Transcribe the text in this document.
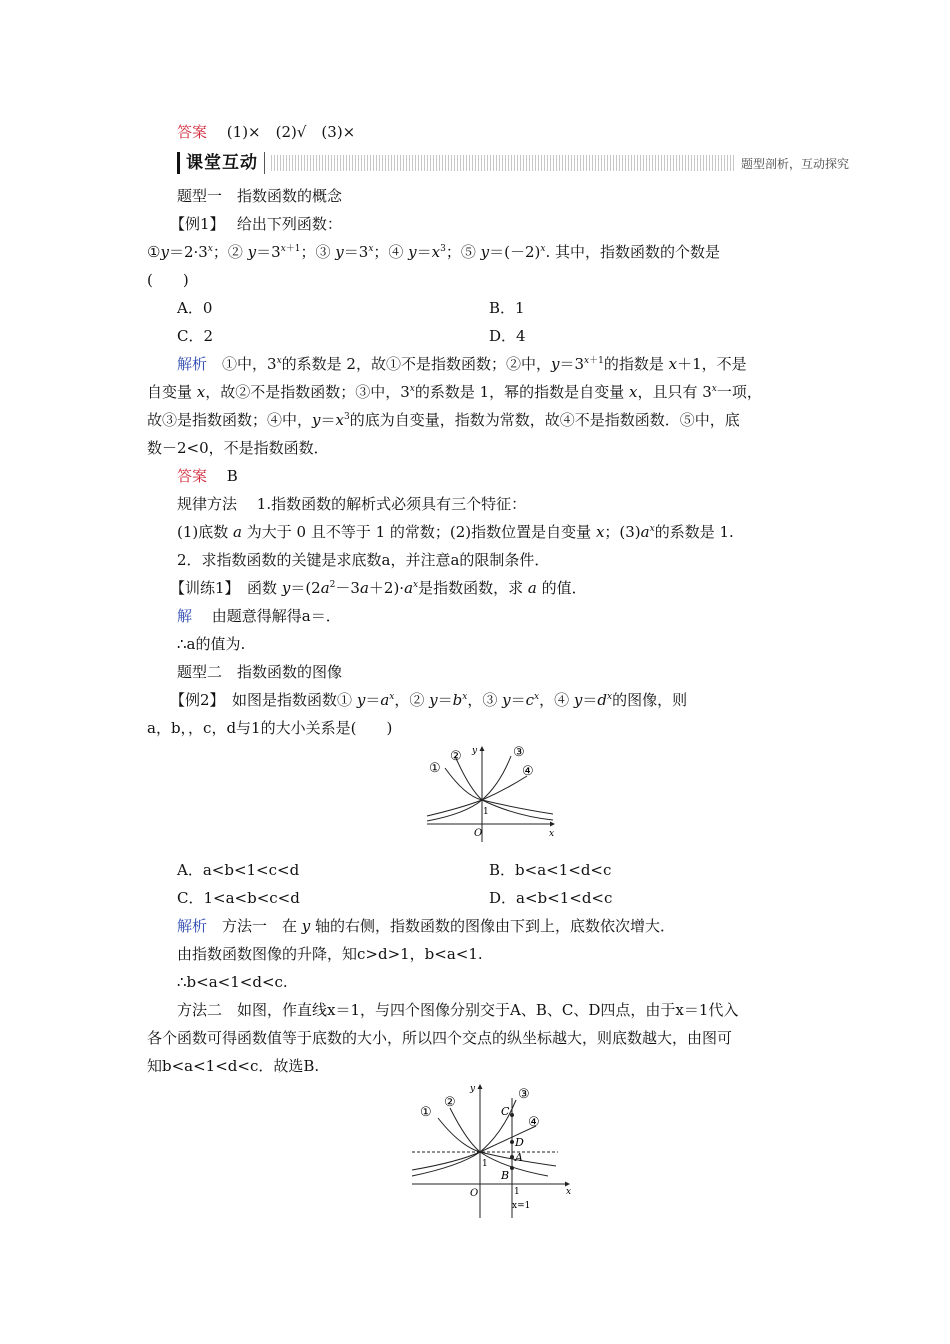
答案　 (1)×　(2)√　(3)×
课堂互动	题型剖析，互动探究
题型一　指数函数的概念
【例1】　 给出下列函数：
$①y=2\cdot 3^x$；② $y=3^{x+1}$；③ $y=3^x$；④ $y=x^3$；⑤ $y=(-2)^x$. 其中，指数函数的个数是
(　　)
A．0	B．1
C．2	D．4
解析　①中，3$^x$的系数是 2，故①不是指数函数；②中，$y=3^{x+1}$的指数是 x＋1，不是
自变量 x，故②不是指数函数；③中，3$^x$的系数是 1，幂的指数是自变量 x，且只有 3$^x$一项，
故③是指数函数；④中，$y=x^3$的底为自变量，指数为常数，故④不是指数函数．⑤中，底
数－2<0，不是指数函数．
答案　 B
规律方法　 1.指数函数的解析式必须具有三个特征：
(1)底数 a 为大于 0 且不等于 1 的常数；(2)指数位置是自变量 x；$(3)a^x$的系数是 1.
2．求指数函数的关键是求底数a，并注意a的限制条件．
【训练1】　函数 $y=(2a^2-3a+2)\cdot a^x$是指数函数，求 a 的值．
解　 由题意得解得a＝．
∴a的值为.
题型二　指数函数的图像
【例2】　如图是指数函数① $y=a^x$，② $y=b^x$，③ $y=c^x$，④ $y=d^x$的图像，则
a，b，，c，d与1的大小关系是(　　)
①
②	③
④
y
x
O
1
A．a<b<1<c<d	B．b<a<1<d<c
C．1<a<b<c<d	D．a<b<1<d<c
解析　方法一　在 y 轴的右侧，指数函数的图像由下到上，底数依次增大．
由指数函数图像的升降，知c>d>1，b<a<1.
∴b<a<1<d<c.
方法二　如图，作直线x＝1，与四个图像分别交于A、B、C、D四点，由于x＝1代入
各个函数可得函数值等于底数的大小，所以四个交点的纵坐标越大，则底数越大，由图可
知b<a<1<d<c．故选B.
①
②
③
④
C
D
A
B
y
x
O
1
1
x=1
